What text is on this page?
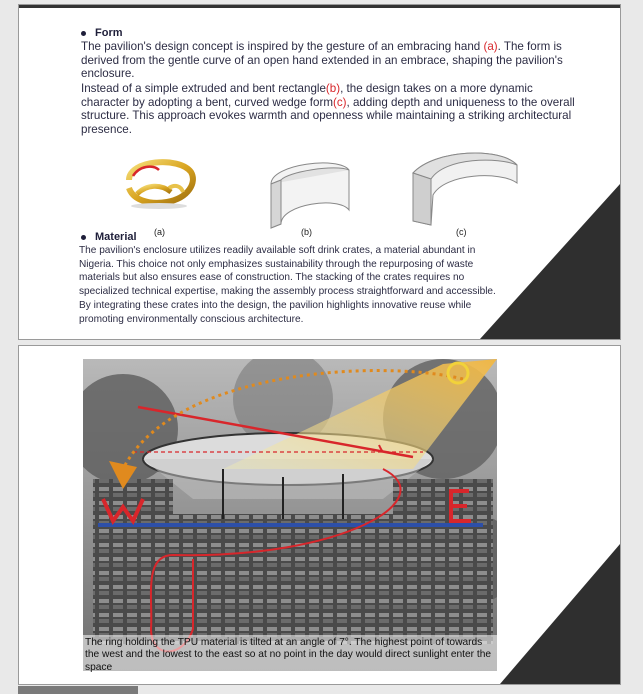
Form

The pavilion's design concept is inspired by the gesture of an embracing hand (a). The form is derived from the gentle curve of an open hand extended in an embrace, shaping the pavilion's enclosure.

Instead of a simple extruded and bent rectangle(b), the design takes on a more dynamic character by adopting a bent, curved wedge form(c), adding depth and uniqueness to the overall structure. This approach evokes warmth and openness while maintaining a striking architectural presence.

(a)	(b)	(c)
Material

The pavilion's enclosure utilizes readily available soft drink crates, a material abundant in Nigeria. This choice not only emphasizes sustainability through the repurposing of waste materials but also ensures ease of construction. The stacking of the crates requires no specialized technical expertise, making the assembly process straightforward and accessible. By integrating these crates into the design, the pavilion highlights innovative reuse while promoting environmentally conscious architecture.

The ring holding the TPU material is tilted at an angle of 7°. The highest point of towards the west and the lowest to the east so at no point in the day would direct sunlight enter the space
